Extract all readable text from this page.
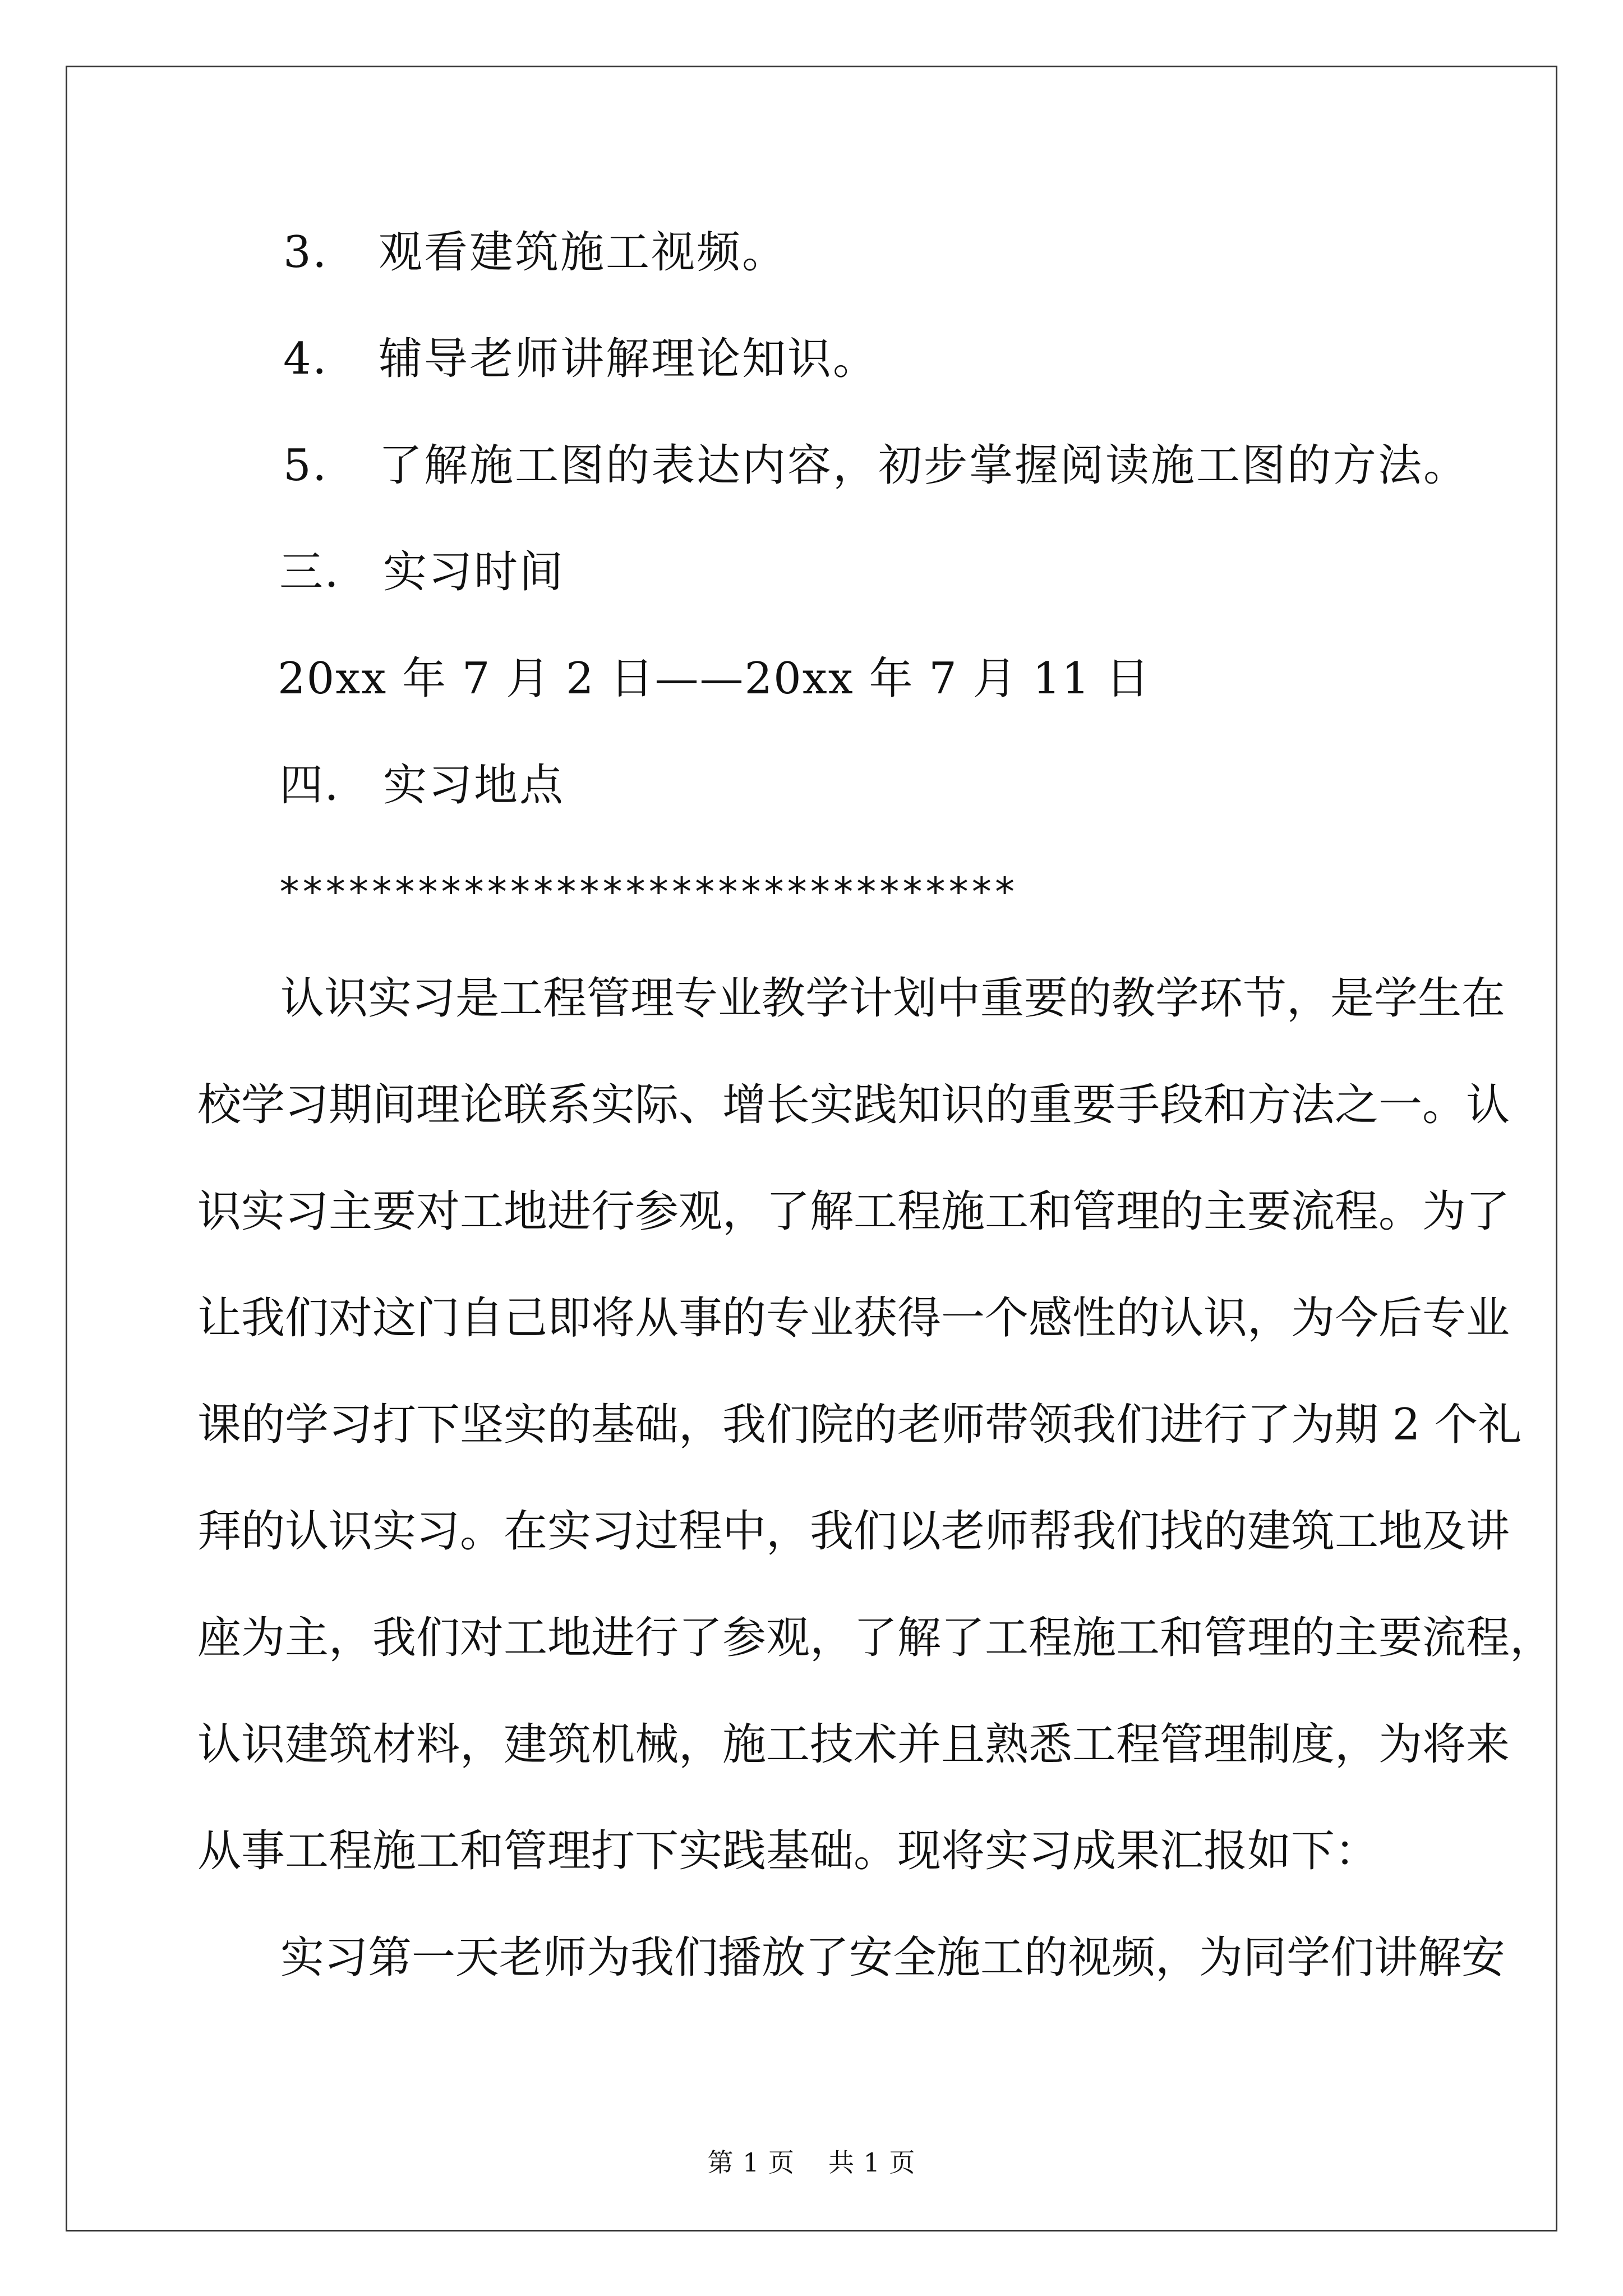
3． 观看建筑施工视频。
4． 辅导老师讲解理论知识。
5． 了解施工图的表达内容，初步掌握阅读施工图的方法。
三． 实习时间
20xx 年 7 月 2 日——20xx 年 7 月 11 日
四． 实习地点
********************************
认识实习是工程管理专业教学计划中重要的教学环节，是学生在
校学习期间理论联系实际、增长实践知识的重要手段和方法之一。认
识实习主要对工地进行参观，了解工程施工和管理的主要流程。为了
让我们对这门自己即将从事的专业获得一个感性的认识，为今后专业
课的学习打下坚实的基础，我们院的老师带领我们进行了为期 2 个礼
拜的认识实习。在实习过程中，我们以老师帮我们找的建筑工地及讲
座为主，我们对工地进行了参观，了解了工程施工和管理的主要流程，
认识建筑材料，建筑机械，施工技术并且熟悉工程管理制度，为将来
从事工程施工和管理打下实践基础。现将实习成果汇报如下：
实习第一天老师为我们播放了安全施工的视频，为同学们讲解安
第 1 页 共 1 页
